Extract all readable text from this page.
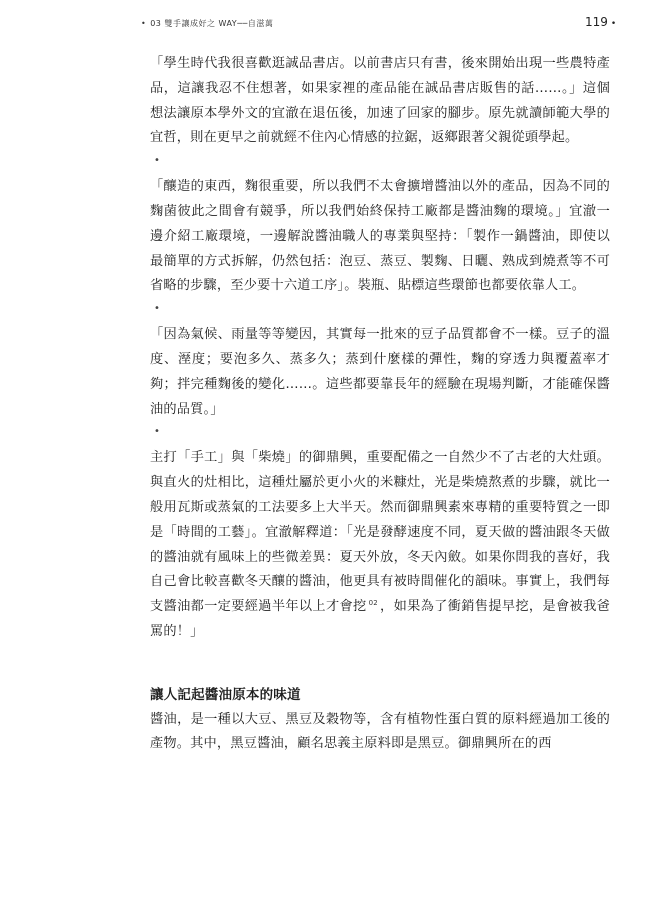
• 03 雙手讓成好之 WAY──自滋萬	119 •

「學生時代我很喜歡逛誠品書店。以前書店只有書，後來開始出現一些農特產品，這讓我忍不住想著，如果家裡的產品能在誠品書店販售的話……。」這個想法讓原本學外文的宜澈在退伍後，加速了回家的腳步。原先就讀師範大學的宜哲，則在更早之前就經不住內心情感的拉鋸，返鄉跟著父親從頭學起。

•

「釀造的東西，麴很重要，所以我們不太會擴增醬油以外的產品，因為不同的麴菌彼此之間會有競爭，所以我們始終保持工廠都是醬油麴的環境。」宜澈一邊介紹工廠環境，一邊解說醬油職人的專業與堅持：「製作一鍋醬油，即使以最簡單的方式拆解，仍然包括：泡豆、蒸豆、製麴、日曬、熟成到燒煮等不可省略的步驟，至少要十六道工序」。裝瓶、貼標這些環節也都要依靠人工。

•

「因為氣候、雨量等等變因，其實每一批來的豆子品質都會不一樣。豆子的溫度、溼度；要泡多久、蒸多久；蒸到什麼樣的彈性，麴的穿透力與覆蓋率才夠；拌完種麴後的變化……。這些都要靠長年的經驗在現場判斷，才能確保醬油的品質。」

•

主打「手工」與「柴燒」的御鼎興，重要配備之一自然少不了古老的大灶頭。與直火的灶相比，這種灶屬於更小火的米糠灶，光是柴燒熬煮的步驟，就比一般用瓦斯或蒸氣的工法要多上大半天。然而御鼎興素來專精的重要特質之一即是「時間的工藝」。宜澈解釋道：「光是發酵速度不同，夏天做的醬油跟冬天做的醬油就有風味上的些微差異：夏天外放，冬天內斂。如果你問我的喜好，我自己會比較喜歡冬天釀的醬油，他更具有被時間催化的韻味。事實上，我們每支醬油都一定要經過半年以上才會挖 $^{02}$ ，如果為了衝銷售提早挖，是會被我爸罵的！」

讓人記起醬油原本的味道

醬油，是一種以大豆、黑豆及穀物等，含有植物性蛋白質的原料經過加工後的產物。其中，黑豆醬油，顧名思義主原料即是黑豆。御鼎興所在的西
